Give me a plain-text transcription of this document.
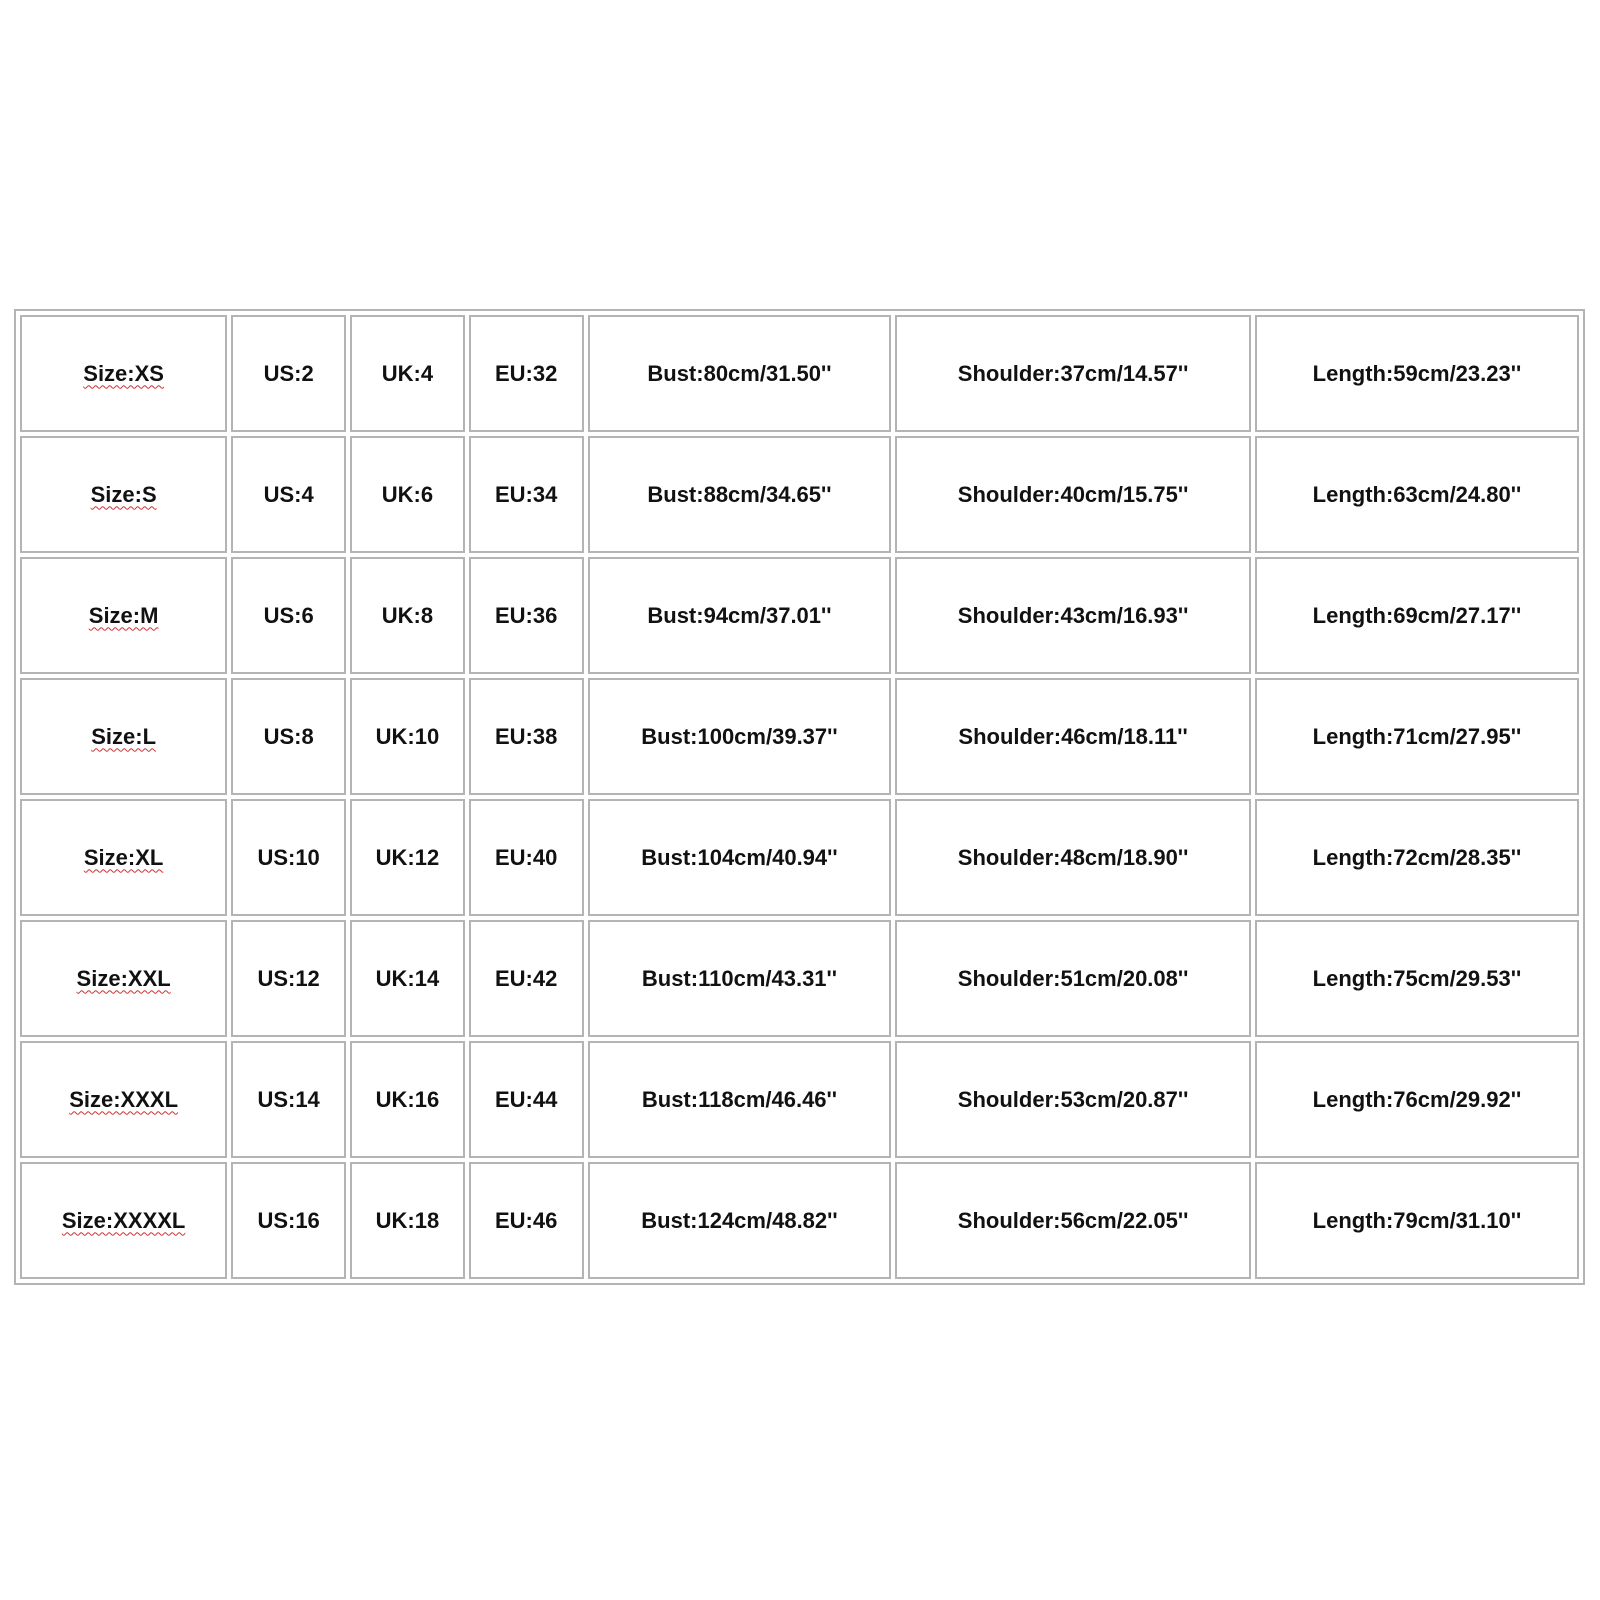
Size:XS	US:2	UK:4	EU:32	Bust:80cm/31.50''	Shoulder:37cm/14.57''	Length:59cm/23.23''
Size:S	US:4	UK:6	EU:34	Bust:88cm/34.65''	Shoulder:40cm/15.75''	Length:63cm/24.80''
Size:M	US:6	UK:8	EU:36	Bust:94cm/37.01''	Shoulder:43cm/16.93''	Length:69cm/27.17''
Size:L	US:8	UK:10	EU:38	Bust:100cm/39.37''	Shoulder:46cm/18.11''	Length:71cm/27.95''
Size:XL	US:10	UK:12	EU:40	Bust:104cm/40.94''	Shoulder:48cm/18.90''	Length:72cm/28.35''
Size:XXL	US:12	UK:14	EU:42	Bust:110cm/43.31''	Shoulder:51cm/20.08''	Length:75cm/29.53''
Size:XXXL	US:14	UK:16	EU:44	Bust:118cm/46.46''	Shoulder:53cm/20.87''	Length:76cm/29.92''
Size:XXXXL	US:16	UK:18	EU:46	Bust:124cm/48.82''	Shoulder:56cm/22.05''	Length:79cm/31.10''
